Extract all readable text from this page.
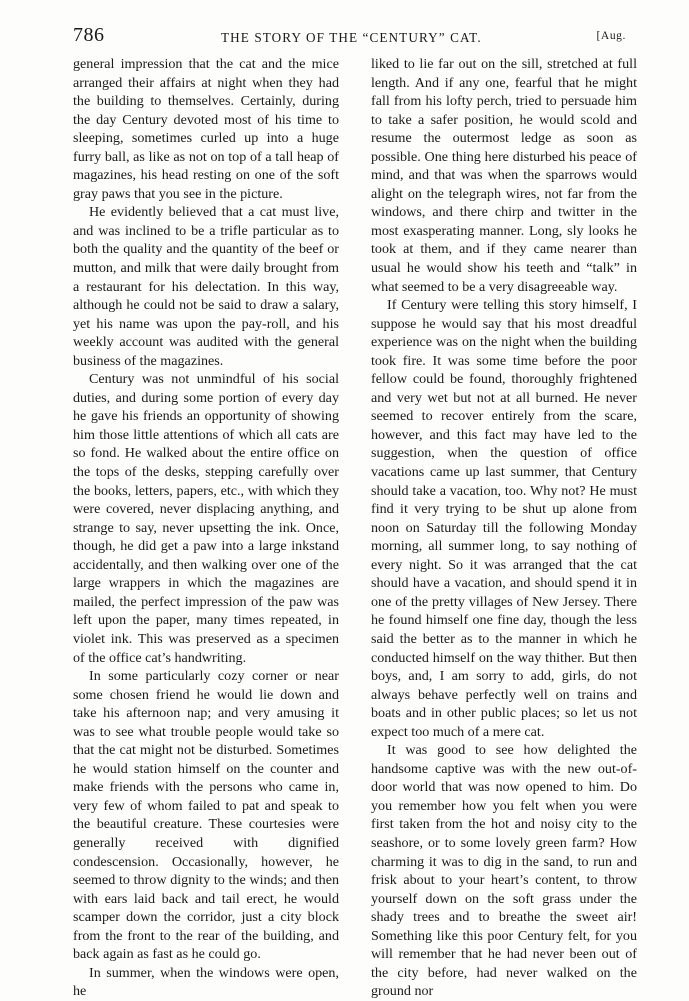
786	THE STORY OF THE “CENTURY” CAT.	[Aug.

general impression that the cat and the mice arranged their affairs at night when they had the building to themselves. Certainly, during the day Century devoted most of his time to sleeping, sometimes curled up into a huge furry ball, as like as not on top of a tall heap of magazines, his head resting on one of the soft gray paws that you see in the picture.

He evidently believed that a cat must live, and was inclined to be a trifle particular as to both the quality and the quantity of the beef or mutton, and milk that were daily brought from a restaurant for his delectation. In this way, although he could not be said to draw a salary, yet his name was upon the pay-roll, and his weekly account was audited with the general business of the magazines.

Century was not unmindful of his social duties, and during some portion of every day he gave his friends an opportunity of showing him those little attentions of which all cats are so fond. He walked about the entire office on the tops of the desks, stepping carefully over the books, letters, papers, etc., with which they were covered, never displacing anything, and strange to say, never upsetting the ink. Once, though, he did get a paw into a large inkstand accidentally, and then walking over one of the large wrappers in which the magazines are mailed, the perfect impression of the paw was left upon the paper, many times repeated, in violet ink. This was preserved as a specimen of the office cat’s handwriting.

In some particularly cozy corner or near some chosen friend he would lie down and take his afternoon nap; and very amusing it was to see what trouble people would take so that the cat might not be disturbed. Sometimes he would station himself on the counter and make friends with the persons who came in, very few of whom failed to pat and speak to the beautiful creature. These courtesies were generally received with dignified condescension. Occasionally, however, he seemed to throw dignity to the winds; and then with ears laid back and tail erect, he would scamper down the corridor, just a city block from the front to the rear of the building, and back again as fast as he could go.

In summer, when the windows were open, he

liked to lie far out on the sill, stretched at full length. And if any one, fearful that he might fall from his lofty perch, tried to persuade him to take a safer position, he would scold and resume the outermost ledge as soon as possible. One thing here disturbed his peace of mind, and that was when the sparrows would alight on the telegraph wires, not far from the windows, and there chirp and twitter in the most exasperating manner. Long, sly looks he took at them, and if they came nearer than usual he would show his teeth and “talk” in what seemed to be a very disagreeable way.

If Century were telling this story himself, I suppose he would say that his most dreadful experience was on the night when the building took fire. It was some time before the poor fellow could be found, thoroughly frightened and very wet but not at all burned. He never seemed to recover entirely from the scare, however, and this fact may have led to the suggestion, when the question of office vacations came up last summer, that Century should take a vacation, too. Why not? He must find it very trying to be shut up alone from noon on Saturday till the following Monday morning, all summer long, to say nothing of every night. So it was arranged that the cat should have a vacation, and should spend it in one of the pretty villages of New Jersey. There he found himself one fine day, though the less said the better as to the manner in which he conducted himself on the way thither. But then boys, and, I am sorry to add, girls, do not always behave perfectly well on trains and boats and in other public places; so let us not expect too much of a mere cat.

It was good to see how delighted the handsome captive was with the new out-of-door world that was now opened to him. Do you remember how you felt when you were first taken from the hot and noisy city to the seashore, or to some lovely green farm? How charming it was to dig in the sand, to run and frisk about to your heart’s content, to throw yourself down on the soft grass under the shady trees and to breathe the sweet air! Something like this poor Century felt, for you will remember that he had never been out of the city before, had never walked on the ground nor
